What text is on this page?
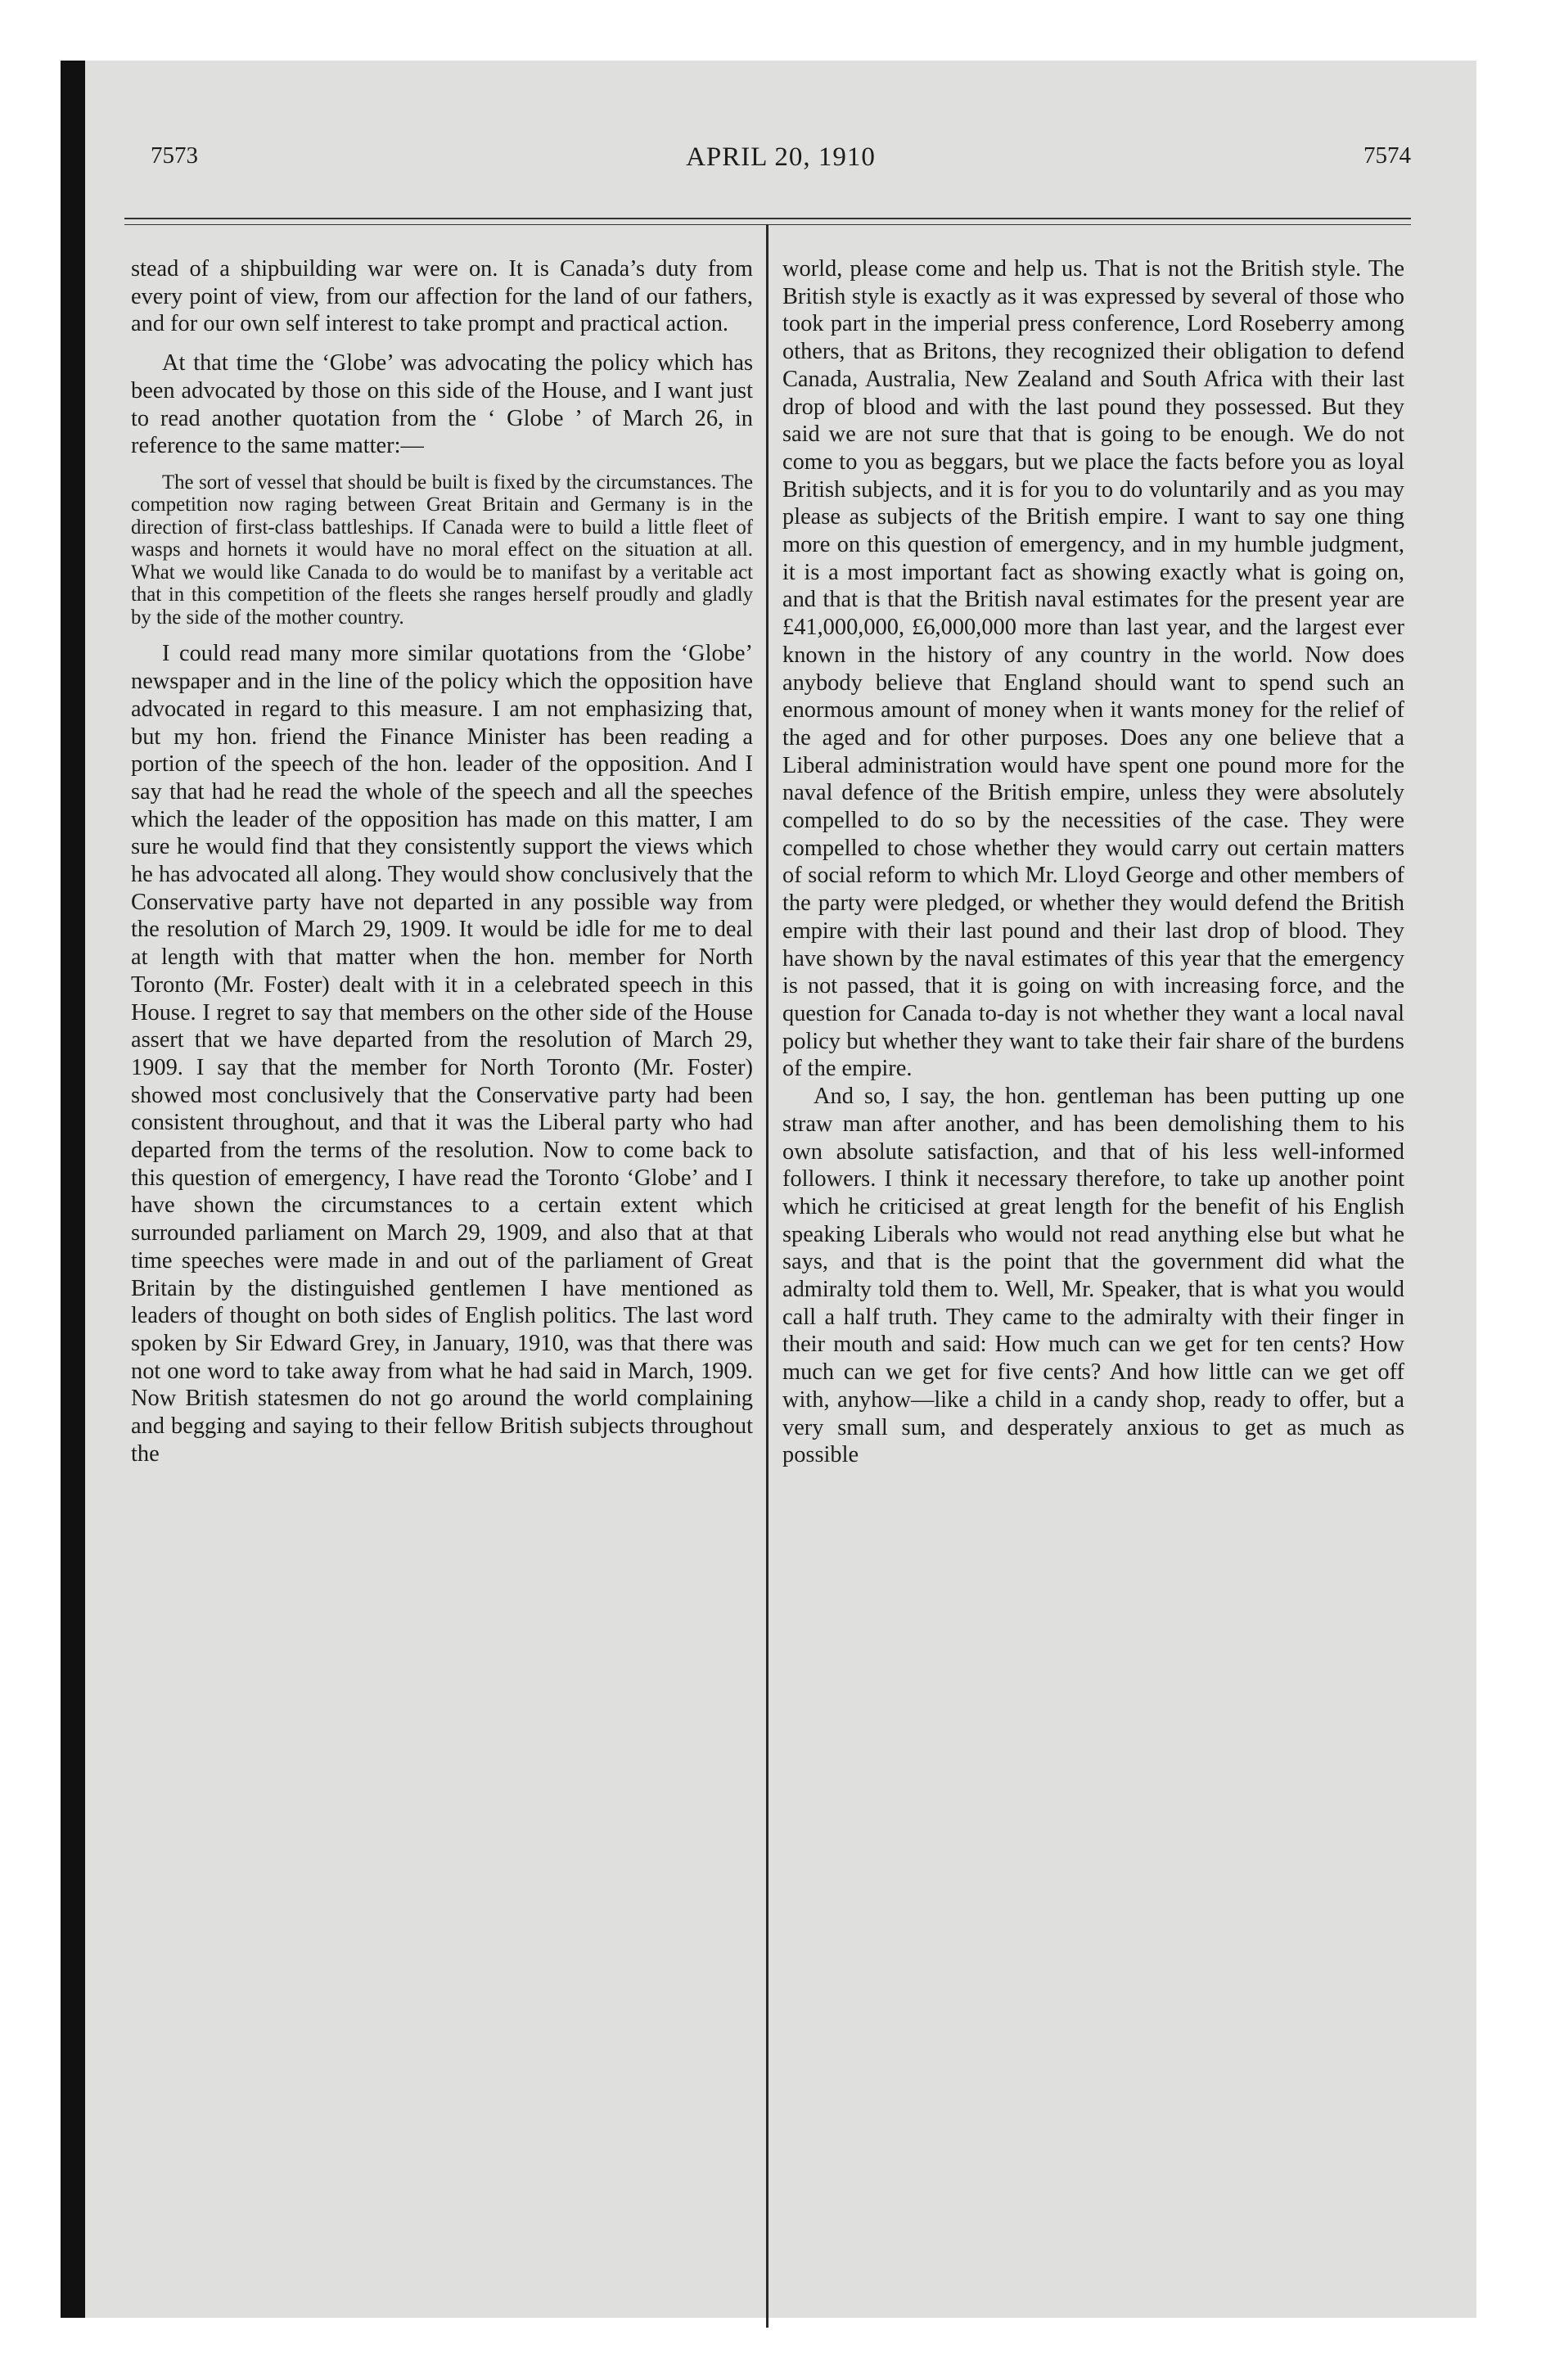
7573	APRIL 20, 1910	7574

stead of a shipbuilding war were on. It is Canada’s duty from every point of view, from our affection for the land of our fathers, and for our own self interest to take prompt and practical action.

At that time the ‘Globe’ was advocating the policy which has been advocated by those on this side of the House, and I want just to read another quotation from the ‘ Globe ’ of March 26, in reference to the same matter:—

The sort of vessel that should be built is fixed by the circumstances. The competition now raging between Great Britain and Germany is in the direction of first-class battleships. If Canada were to build a little fleet of wasps and hornets it would have no moral effect on the situation at all. What we would like Canada to do would be to manifast by a veritable act that in this competition of the fleets she ranges herself proudly and gladly by the side of the mother country.

I could read many more similar quotations from the ‘Globe’ newspaper and in the line of the policy which the opposition have advocated in regard to this measure. I am not emphasizing that, but my hon. friend the Finance Minister has been reading a portion of the speech of the hon. leader of the opposition. And I say that had he read the whole of the speech and all the speeches which the leader of the opposition has made on this matter, I am sure he would find that they consistently support the views which he has advocated all along. They would show conclusively that the Conservative party have not departed in any possible way from the resolution of March 29, 1909. It would be idle for me to deal at length with that matter when the hon. member for North Toronto (Mr. Foster) dealt with it in a celebrated speech in this House. I regret to say that members on the other side of the House assert that we have departed from the resolution of March 29, 1909. I say that the member for North Toronto (Mr. Foster) showed most conclusively that the Conservative party had been consistent throughout, and that it was the Liberal party who had departed from the terms of the resolution. Now to come back to this question of emergency, I have read the Toronto ‘Globe’ and I have shown the circumstances to a certain extent which surrounded parliament on March 29, 1909, and also that at that time speeches were made in and out of the parliament of Great Britain by the distinguished gentlemen I have mentioned as leaders of thought on both sides of English politics. The last word spoken by Sir Edward Grey, in January, 1910, was that there was not one word to take away from what he had said in March, 1909. Now British statesmen do not go around the world complaining and begging and saying to their fellow British subjects throughout the

world, please come and help us. That is not the British style. The British style is exactly as it was expressed by several of those who took part in the imperial press conference, Lord Roseberry among others, that as Britons, they recognized their obligation to defend Canada, Australia, New Zealand and South Africa with their last drop of blood and with the last pound they possessed. But they said we are not sure that that is going to be enough. We do not come to you as beggars, but we place the facts before you as loyal British subjects, and it is for you to do voluntarily and as you may please as subjects of the British empire. I want to say one thing more on this question of emergency, and in my humble judgment, it is a most important fact as showing exactly what is going on, and that is that the British naval estimates for the present year are £41,000,000, £6,000,000 more than last year, and the largest ever known in the history of any country in the world. Now does anybody believe that England should want to spend such an enormous amount of money when it wants money for the relief of the aged and for other purposes. Does any one believe that a Liberal administration would have spent one pound more for the naval defence of the British empire, unless they were absolutely compelled to do so by the necessities of the case. They were compelled to chose whether they would carry out certain matters of social reform to which Mr. Lloyd George and other members of the party were pledged, or whether they would defend the British empire with their last pound and their last drop of blood. They have shown by the naval estimates of this year that the emergency is not passed, that it is going on with increasing force, and the question for Canada to-day is not whether they want a local naval policy but whether they want to take their fair share of the burdens of the empire.

And so, I say, the hon. gentleman has been putting up one straw man after another, and has been demolishing them to his own absolute satisfaction, and that of his less well-informed followers. I think it necessary therefore, to take up another point which he criticised at great length for the benefit of his English speaking Liberals who would not read anything else but what he says, and that is the point that the government did what the admiralty told them to. Well, Mr. Speaker, that is what you would call a half truth. They came to the admiralty with their finger in their mouth and said: How much can we get for ten cents? How much can we get for five cents? And how little can we get off with, anyhow—like a child in a candy shop, ready to offer, but a very small sum, and desperately anxious to get as much as possible
